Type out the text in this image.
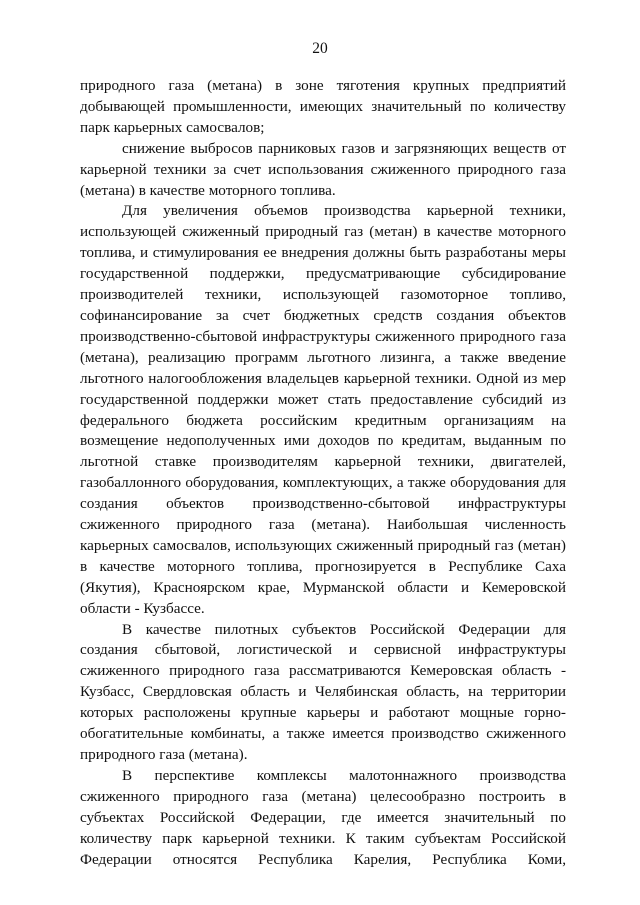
20

природного газа (метана) в зоне тяготения крупных предприятий добывающей промышленности, имеющих значительный по количеству парк карьерных самосвалов;

снижение выбросов парниковых газов и загрязняющих веществ от карьерной техники за счет использования сжиженного природного газа (метана) в качестве моторного топлива.

Для увеличения объемов производства карьерной техники, использующей сжиженный природный газ (метан) в качестве моторного топлива, и стимулирования ее внедрения должны быть разработаны меры государственной поддержки, предусматривающие субсидирование производителей техники, использующей газомоторное топливо, софинансирование за счет бюджетных средств создания объектов производственно-сбытовой инфраструктуры сжиженного природного газа (метана), реализацию программ льготного лизинга, а также введение льготного налогообложения владельцев карьерной техники. Одной из мер государственной поддержки может стать предоставление субсидий из федерального бюджета российским кредитным организациям на возмещение недополученных ими доходов по кредитам, выданным по льготной ставке производителям карьерной техники, двигателей, газобаллонного оборудования, комплектующих, а также оборудования для создания объектов производственно-сбытовой инфраструктуры сжиженного природного газа (метана). Наибольшая численность карьерных самосвалов, использующих сжиженный природный газ (метан) в качестве моторного топлива, прогнозируется в Республике Саха (Якутия), Красноярском крае, Мурманской области и Кемеровской области - Кузбассе.

В качестве пилотных субъектов Российской Федерации для создания сбытовой, логистической и сервисной инфраструктуры сжиженного природного газа рассматриваются Кемеровская область - Кузбасс, Свердловская область и Челябинская область, на территории которых расположены крупные карьеры и работают мощные горно-обогатительные комбинаты, а также имеется производство сжиженного природного газа (метана).

В перспективе комплексы малотоннажного производства сжиженного природного газа (метана) целесообразно построить в субъектах Российской Федерации, где имеется значительный по количеству парк карьерной техники. К таким субъектам Российской Федерации относятся Республика Карелия, Республика Коми,
